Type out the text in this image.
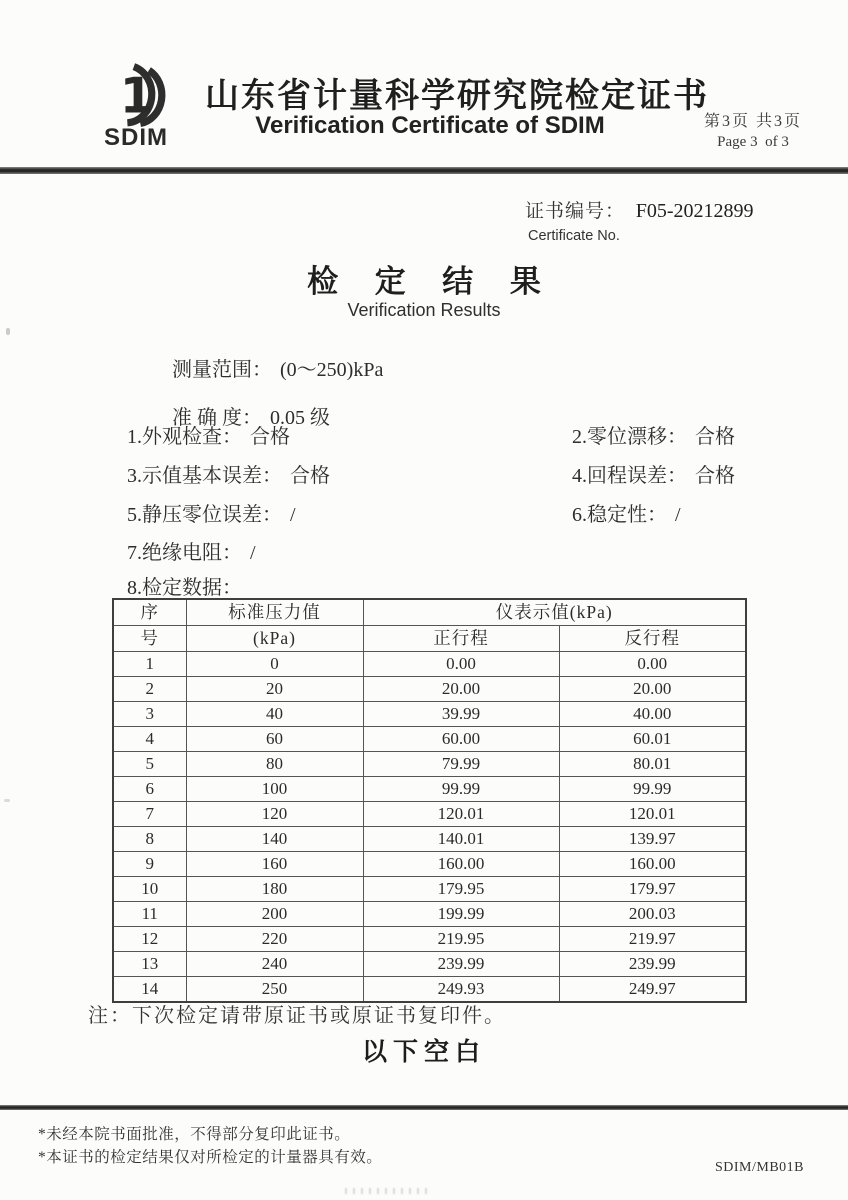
1
SDIM
山东省计量科学研究院检定证书
Verification Certificate of SDIM	第3页 共3页
Page 3  of 3
证书编号： F05-20212899
Certificate No.
检 定 结 果
Verification Results

测量范围： (0～250)kPa

准 确 度： 0.05 级

1.外观检查： 合格	2.零位漂移： 合格
3.示值基本误差： 合格	4.回程误差： 合格
5.静压零位误差： /	6.稳定性： /
7.绝缘电阻： /
8.检定数据：
序	标准压力值	仪表示值(kPa)	
号	(kPa)	正行程	反行程
1	0	0.00	0.00
2	20	20.00	20.00
3	40	39.99	40.00
4	60	60.00	60.01
5	80	79.99	80.01
6	100	99.99	99.99
7	120	120.01	120.01
8	140	140.01	139.97
9	160	160.00	160.00
10	180	179.95	179.97
11	200	199.99	200.03
12	220	219.95	219.97
13	240	239.99	239.99
14	250	249.93	249.97
注：下次检定请带原证书或原证书复印件。
以下空白
*未经本院书面批准，不得部分复印此证书。
*本证书的检定结果仅对所检定的计量器具有效。
SDIM/MB01B
